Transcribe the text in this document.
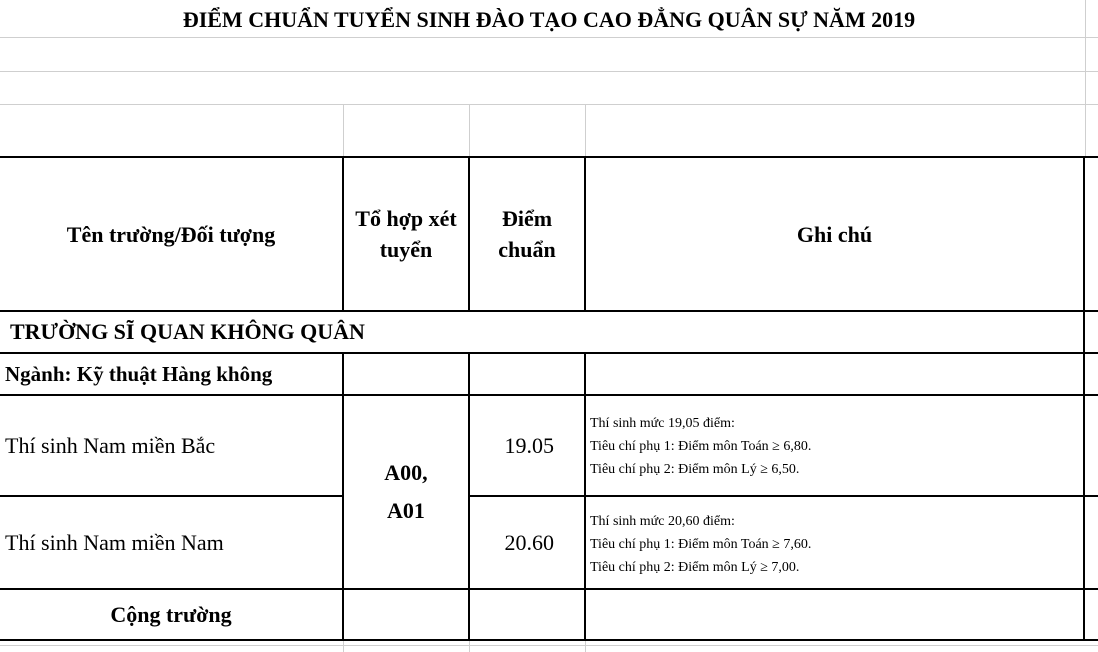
ĐIỂM CHUẨN TUYỂN SINH ĐÀO TẠO CAO ĐẲNG QUÂN SỰ NĂM 2019
Tên trường/Đối tượng
Tổ hợp xét tuyển
Điểm chuẩn
Ghi chú
TRƯỜNG SĨ QUAN KHÔNG QUÂN
Ngành: Kỹ thuật Hàng không
Thí sinh Nam miền Bắc	19.05
Thí sinh mức 19,05 điểm:
Tiêu chí phụ 1: Điểm môn Toán ≥ 6,80.
Tiêu chí phụ 2: Điểm môn Lý ≥ 6,50.
A00, A01
Thí sinh Nam miền Nam	20.60
Thí sinh mức 20,60 điểm:
Tiêu chí phụ 1: Điểm môn Toán ≥ 7,60.
Tiêu chí phụ 2: Điểm môn Lý ≥ 7,00.
Cộng trường
